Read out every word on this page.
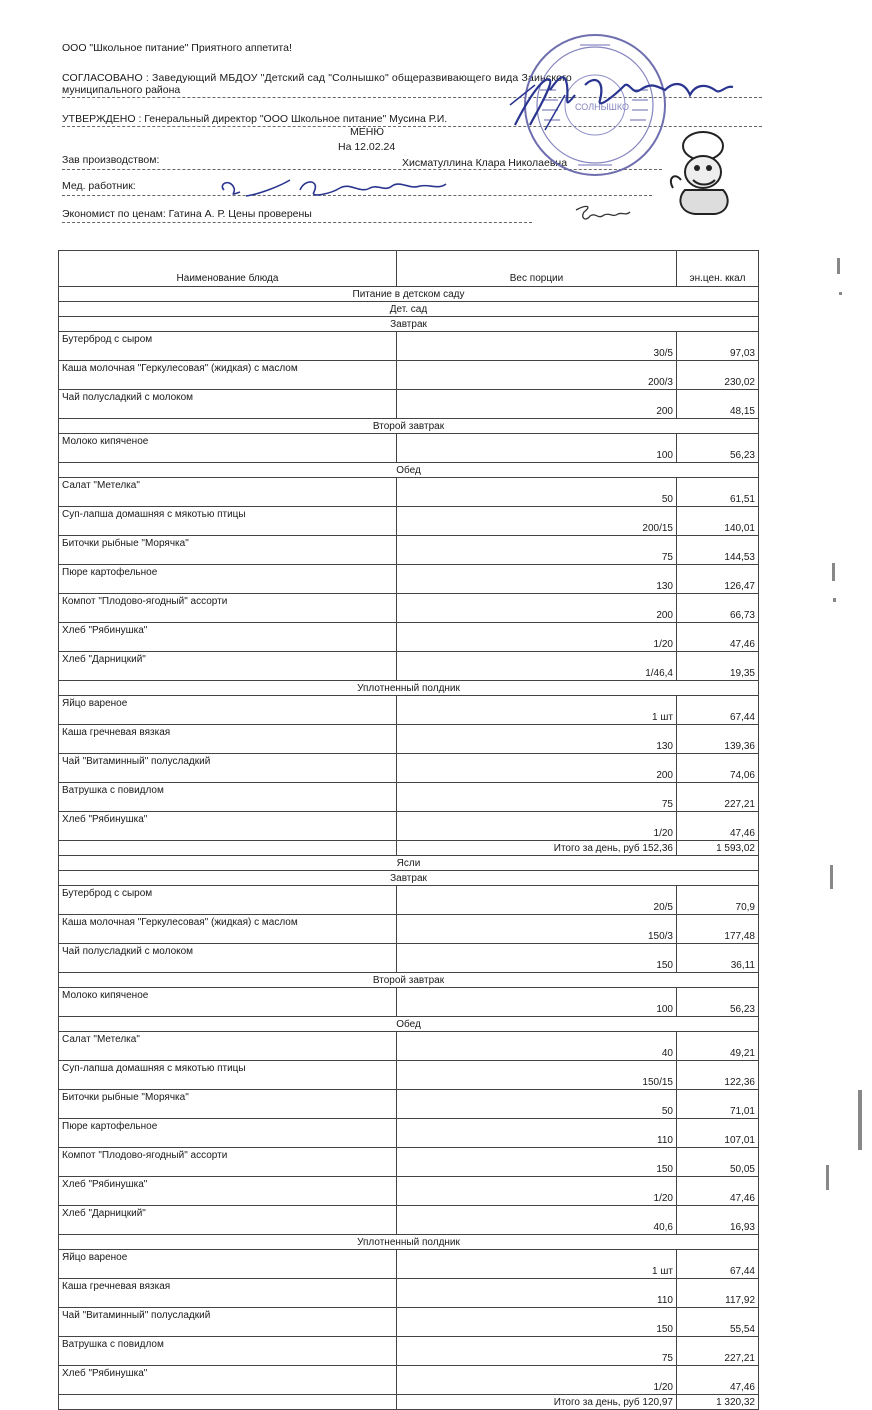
ООО "Школьное питание" Приятного аппетита!
СОГЛАСОВАНО : Заведующий МБДОУ "Детский сад "Солнышко" общеразвивающего вида Заинского
муниципального района
УТВЕРЖДЕНО : Генеральный директор "ООО Школьное питание" Мусина Р.И.
МЕНЮ
На 12.02.24
Зав производством:	Хисматуллина Клара Николаевна
Мед. работник:
Экономист по ценам: Гатина А. Р. Цены проверены
СОЛНЫШКО
Наименование блюда	Вес порции	эн.цен. ккал
Питание в детском саду		
Дет. сад		
Завтрак		
Бутерброд с сыром		
	30/5	97,03
Каша молочная "Геркулесовая" (жидкая) с маслом		
	200/3	230,02
Чай полусладкий с молоком		
	200	48,15
Второй завтрак		
Молоко кипяченое		
	100	56,23
Обед		
Салат "Метелка"		
	50	61,51
Суп-лапша домашняя с мякотью птицы		
	200/15	140,01
Биточки рыбные "Морячка"		
	75	144,53
Пюре картофельное		
	130	126,47
Компот "Плодово-ягодный" ассорти		
	200	66,73
Хлеб "Рябинушка"		
	1/20	47,46
Хлеб "Дарницкий"		
	1/46,4	19,35
Уплотненный полдник		
Яйцо вареное		
	1 шт	67,44
Каша гречневая вязкая		
	130	139,36
Чай "Витаминный" полусладкий		
	200	74,06
Ватрушка с повидлом		
	75	227,21
Хлеб "Рябинушка"		
	1/20	47,46
	Итого за день, руб 152,36	1 593,02
Ясли		
Завтрак		
Бутерброд с сыром		
	20/5	70,9
Каша молочная "Геркулесовая" (жидкая) с маслом		
	150/3	177,48
Чай полусладкий с молоком		
	150	36,11
Второй завтрак		
Молоко кипяченое		
	100	56,23
Обед		
Салат "Метелка"		
	40	49,21
Суп-лапша домашняя с мякотью птицы		
	150/15	122,36
Биточки рыбные "Морячка"		
	50	71,01
Пюре картофельное		
	110	107,01
Компот "Плодово-ягодный" ассорти		
	150	50,05
Хлеб "Рябинушка"		
	1/20	47,46
Хлеб "Дарницкий"		
	40,6	16,93
Уплотненный полдник		
Яйцо вареное		
	1 шт	67,44
Каша гречневая вязкая		
	110	117,92
Чай "Витаминный" полусладкий		
	150	55,54
Ватрушка с повидлом		
	75	227,21
Хлеб "Рябинушка"		
	1/20	47,46
	Итого за день, руб 120,97	1 320,32
